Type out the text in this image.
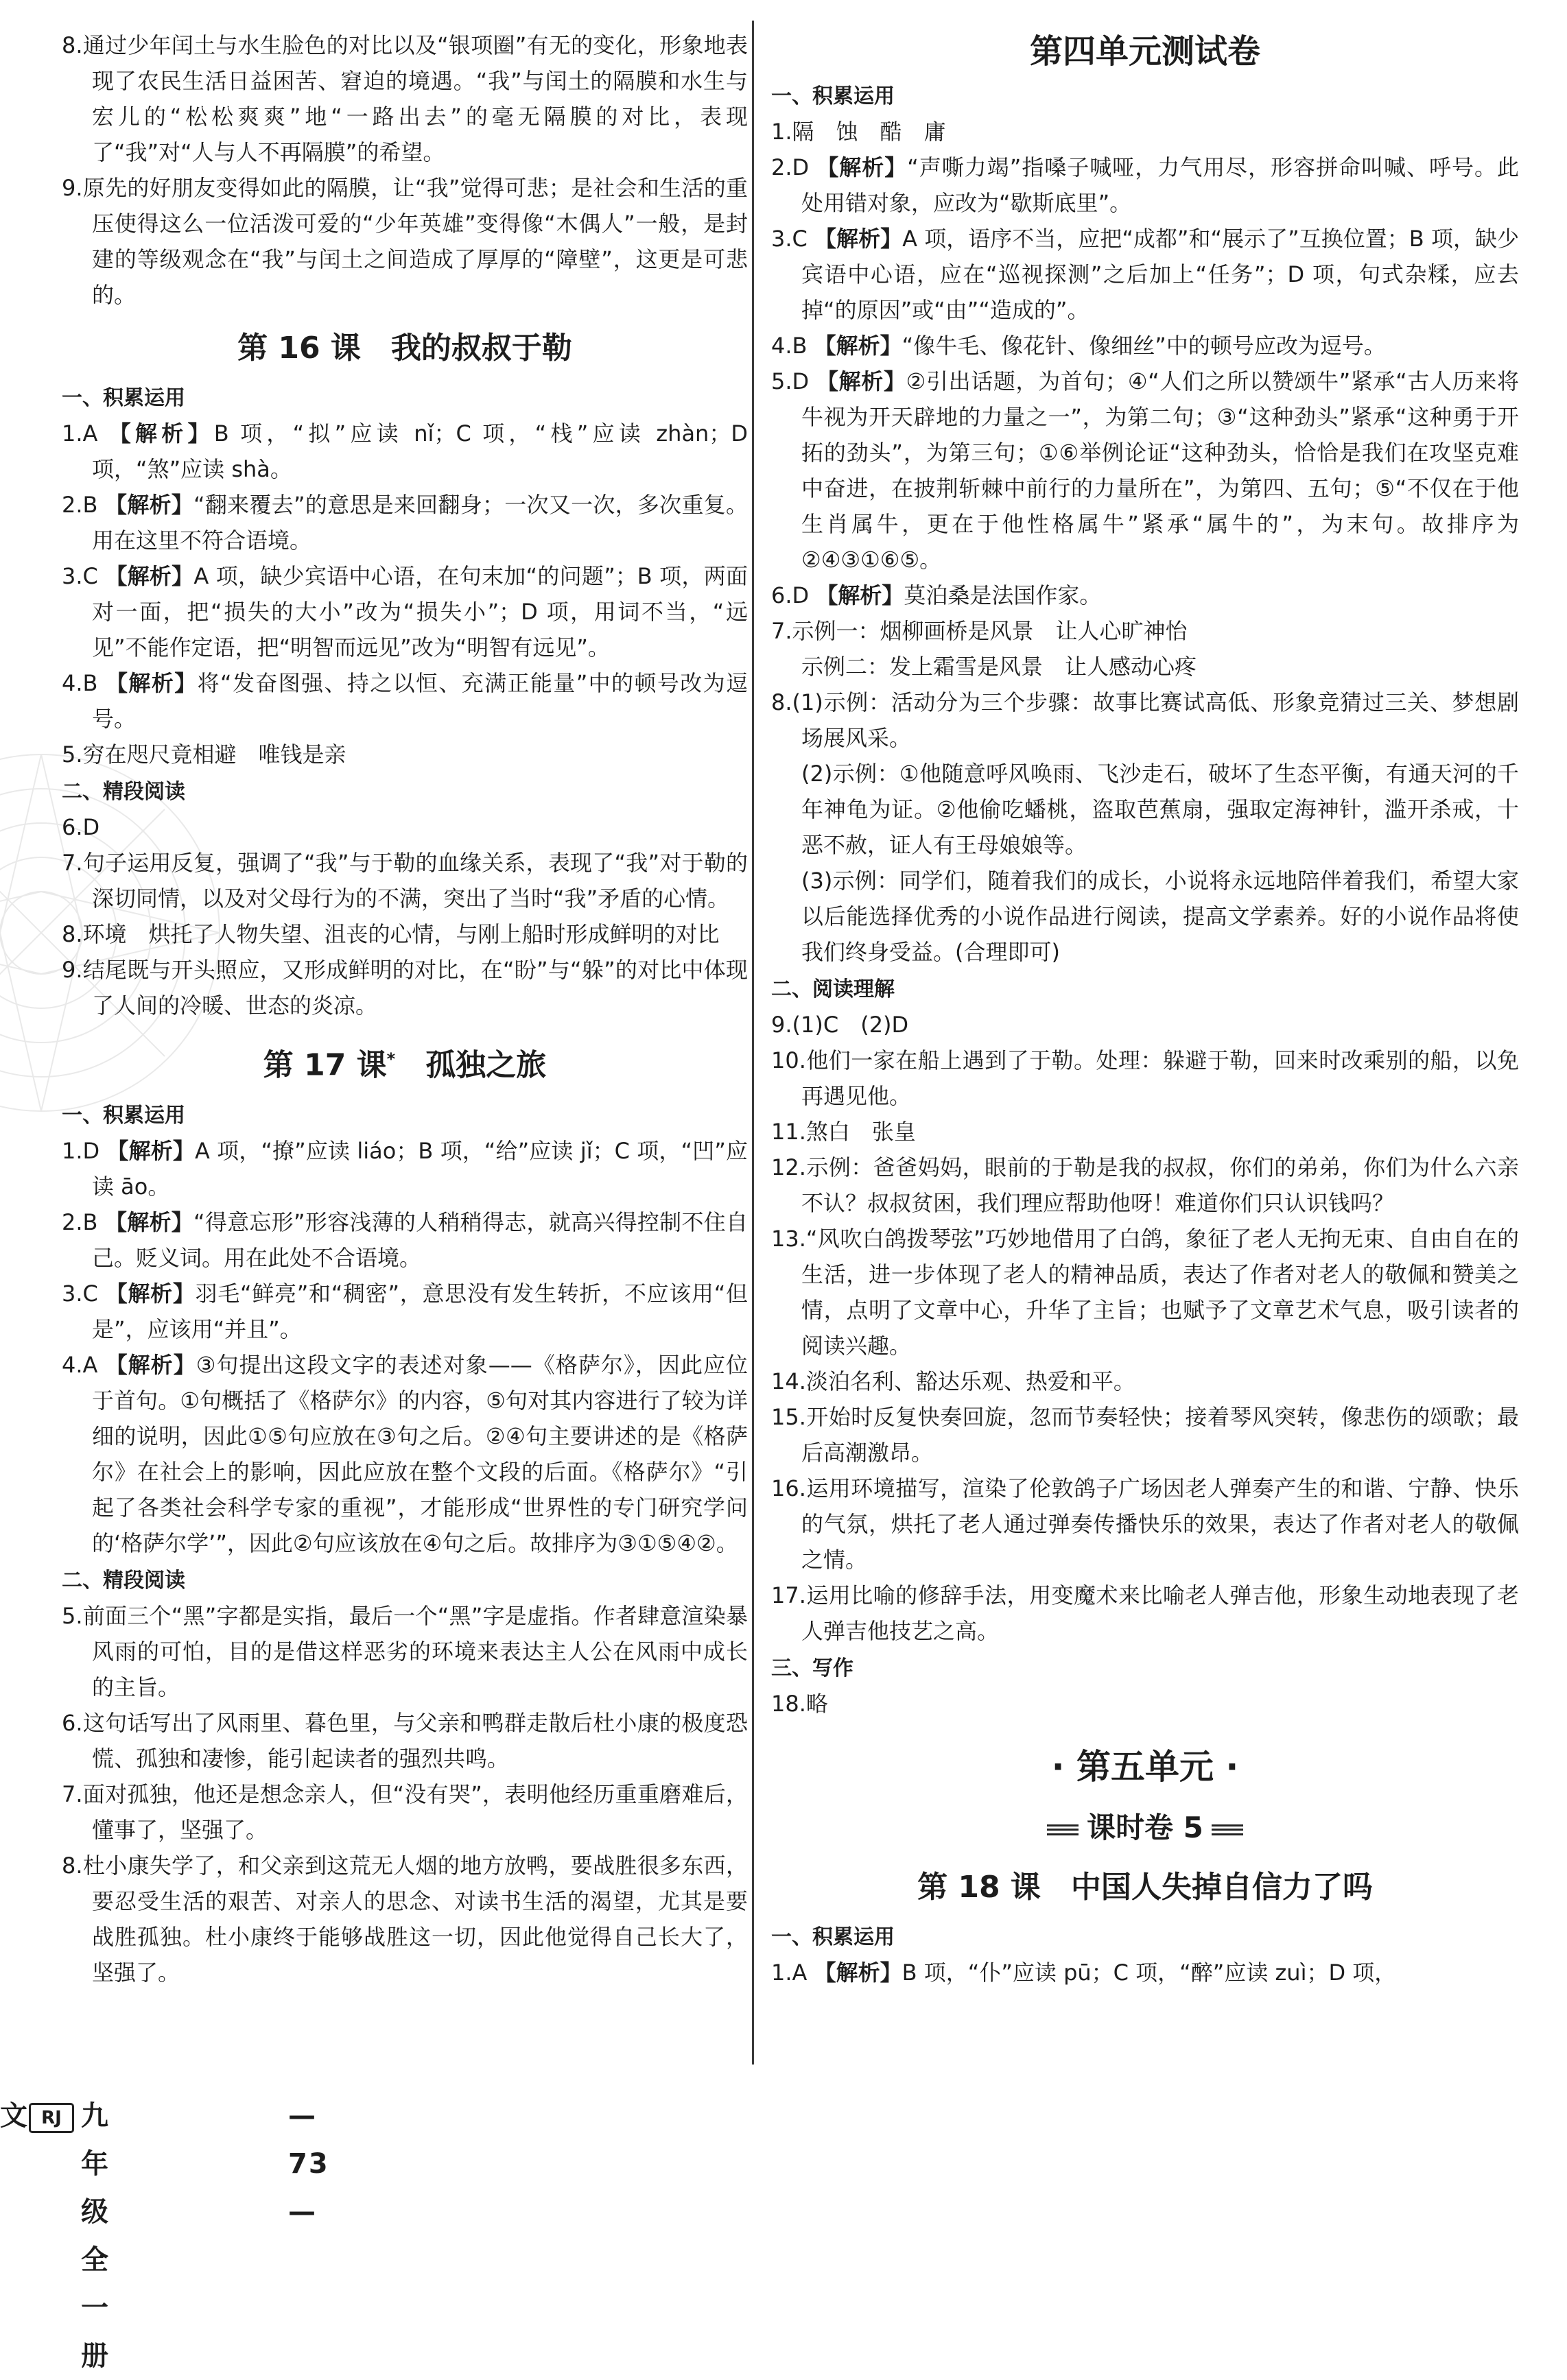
8.通过少年闰土与水生脸色的对比以及“银项圈”有无的变化，形象地表现了农民生活日益困苦、窘迫的境遇。“我”与闰土的隔膜和水生与宏儿的“松松爽爽”地“一路出去”的毫无隔膜的对比，表现了“我”对“人与人不再隔膜”的希望。

9.原先的好朋友变得如此的隔膜，让“我”觉得可悲；是社会和生活的重压使得这么一位活泼可爱的“少年英雄”变得像“木偶人”一般，是封建的等级观念在“我”与闰土之间造成了厚厚的“障壁”，这更是可悲的。

第 16 课　我的叔叔于勒
一、积累运用

1.A 【解析】B 项，“拟”应读 nǐ；C 项，“栈”应读 zhàn；D 项，“煞”应读 shà。

2.B 【解析】“翻来覆去”的意思是来回翻身；一次又一次，多次重复。用在这里不符合语境。

3.C 【解析】A 项，缺少宾语中心语，在句末加“的问题”；B 项，两面对一面，把“损失的大小”改为“损失小”；D 项，用词不当，“远见”不能作定语，把“明智而远见”改为“明智有远见”。

4.B 【解析】将“发奋图强、持之以恒、充满正能量”中的顿号改为逗号。

5.穷在咫尺竟相避　唯钱是亲

二、精段阅读

6.D

7.句子运用反复，强调了“我”与于勒的血缘关系，表现了“我”对于勒的深切同情，以及对父母行为的不满，突出了当时“我”矛盾的心情。

8.环境　烘托了人物失望、沮丧的心情，与刚上船时形成鲜明的对比

9.结尾既与开头照应，又形成鲜明的对比，在“盼”与“躲”的对比中体现了人间的冷暖、世态的炎凉。

第 17 课*　孤独之旅
一、积累运用

1.D 【解析】A 项，“撩”应读 liáo；B 项，“给”应读 jǐ；C 项，“凹”应读 āo。

2.B 【解析】“得意忘形”形容浅薄的人稍稍得志，就高兴得控制不住自己。贬义词。用在此处不合语境。

3.C 【解析】羽毛“鲜亮”和“稠密”，意思没有发生转折，不应该用“但是”，应该用“并且”。

4.A 【解析】③句提出这段文字的表述对象——《格萨尔》，因此应位于首句。①句概括了《格萨尔》的内容，⑤句对其内容进行了较为详细的说明，因此①⑤句应放在③句之后。②④句主要讲述的是《格萨尔》在社会上的影响，因此应放在整个文段的后面。《格萨尔》“引起了各类社会科学专家的重视”，才能形成“世界性的专门研究学问的‘格萨尔学’”，因此②句应该放在④句之后。故排序为③①⑤④②。

二、精段阅读

5.前面三个“黑”字都是实指，最后一个“黑”字是虚指。作者肆意渲染暴风雨的可怕，目的是借这样恶劣的环境来表达主人公在风雨中成长的主旨。

6.这句话写出了风雨里、暮色里，与父亲和鸭群走散后杜小康的极度恐慌、孤独和凄惨，能引起读者的强烈共鸣。

7.面对孤独，他还是想念亲人，但“没有哭”，表明他经历重重磨难后，懂事了，坚强了。

8.杜小康失学了，和父亲到这荒无人烟的地方放鸭，要战胜很多东西，要忍受生活的艰苦、对亲人的思念、对读书生活的渴望，尤其是要战胜孤独。杜小康终于能够战胜这一切，因此他觉得自己长大了，坚强了。

第四单元测试卷
一、积累运用

1.隔　蚀　酷　庸

2.D 【解析】“声嘶力竭”指嗓子喊哑，力气用尽，形容拼命叫喊、呼号。此处用错对象，应改为“歇斯底里”。

3.C 【解析】A 项，语序不当，应把“成都”和“展示了”互换位置；B 项，缺少宾语中心语，应在“巡视探测”之后加上“任务”；D 项，句式杂糅，应去掉“的原因”或“由”“造成的”。

4.B 【解析】“像牛毛、像花针、像细丝”中的顿号应改为逗号。

5.D 【解析】②引出话题，为首句；④“人们之所以赞颂牛”紧承“古人历来将牛视为开天辟地的力量之一”，为第二句；③“这种劲头”紧承“这种勇于开拓的劲头”，为第三句；①⑥举例论证“这种劲头，恰恰是我们在攻坚克难中奋进，在披荆斩棘中前行的力量所在”，为第四、五句；⑤“不仅在于他生肖属牛，更在于他性格属牛”紧承“属牛的”，为末句。故排序为②④③①⑥⑤。

6.D 【解析】莫泊桑是法国作家。

7.示例一：烟柳画桥是风景　让人心旷神怡

示例二：发上霜雪是风景　让人感动心疼

8.(1)示例：活动分为三个步骤：故事比赛试高低、形象竞猜过三关、梦想剧场展风采。

(2)示例：①他随意呼风唤雨、飞沙走石，破坏了生态平衡，有通天河的千年神龟为证。②他偷吃蟠桃，盗取芭蕉扇，强取定海神针，滥开杀戒，十恶不赦，证人有王母娘娘等。

(3)示例：同学们，随着我们的成长，小说将永远地陪伴着我们，希望大家以后能选择优秀的小说作品进行阅读，提高文学素养。好的小说作品将使我们终身受益。(合理即可)

二、阅读理解

9.(1)C　(2)D

10.他们一家在船上遇到了于勒。处理：躲避于勒，回来时改乘别的船，以免再遇见他。

11.煞白　张皇

12.示例：爸爸妈妈，眼前的于勒是我的叔叔，你们的弟弟，你们为什么六亲不认？叔叔贫困，我们理应帮助他呀！难道你们只认识钱吗？

13.“风吹白鸽拨琴弦”巧妙地借用了白鸽，象征了老人无拘无束、自由自在的生活，进一步体现了老人的精神品质，表达了作者对老人的敬佩和赞美之情，点明了文章中心，升华了主旨；也赋予了文章艺术气息，吸引读者的阅读兴趣。

14.淡泊名利、豁达乐观、热爱和平。

15.开始时反复快奏回旋，忽而节奏轻快；接着琴风突转，像悲伤的颂歌；最后高潮激昂。

16.运用环境描写，渲染了伦敦鸽子广场因老人弹奏产生的和谐、宁静、快乐的气氛，烘托了老人通过弹奏传播快乐的效果，表达了作者对老人的敬佩之情。

17.运用比喻的修辞手法，用变魔术来比喻老人弹吉他，形象生动地表现了老人弹吉他技艺之高。

三、写作

18.略

· 第五单元 ·
课时卷 5
第 18 课　中国人失掉自信力了吗
一、积累运用

1.A 【解析】B 项，“仆”应读 pū；C 项，“醉”应读 zuì；D 项，

文 RJ 九年级全一册
— 73 —
